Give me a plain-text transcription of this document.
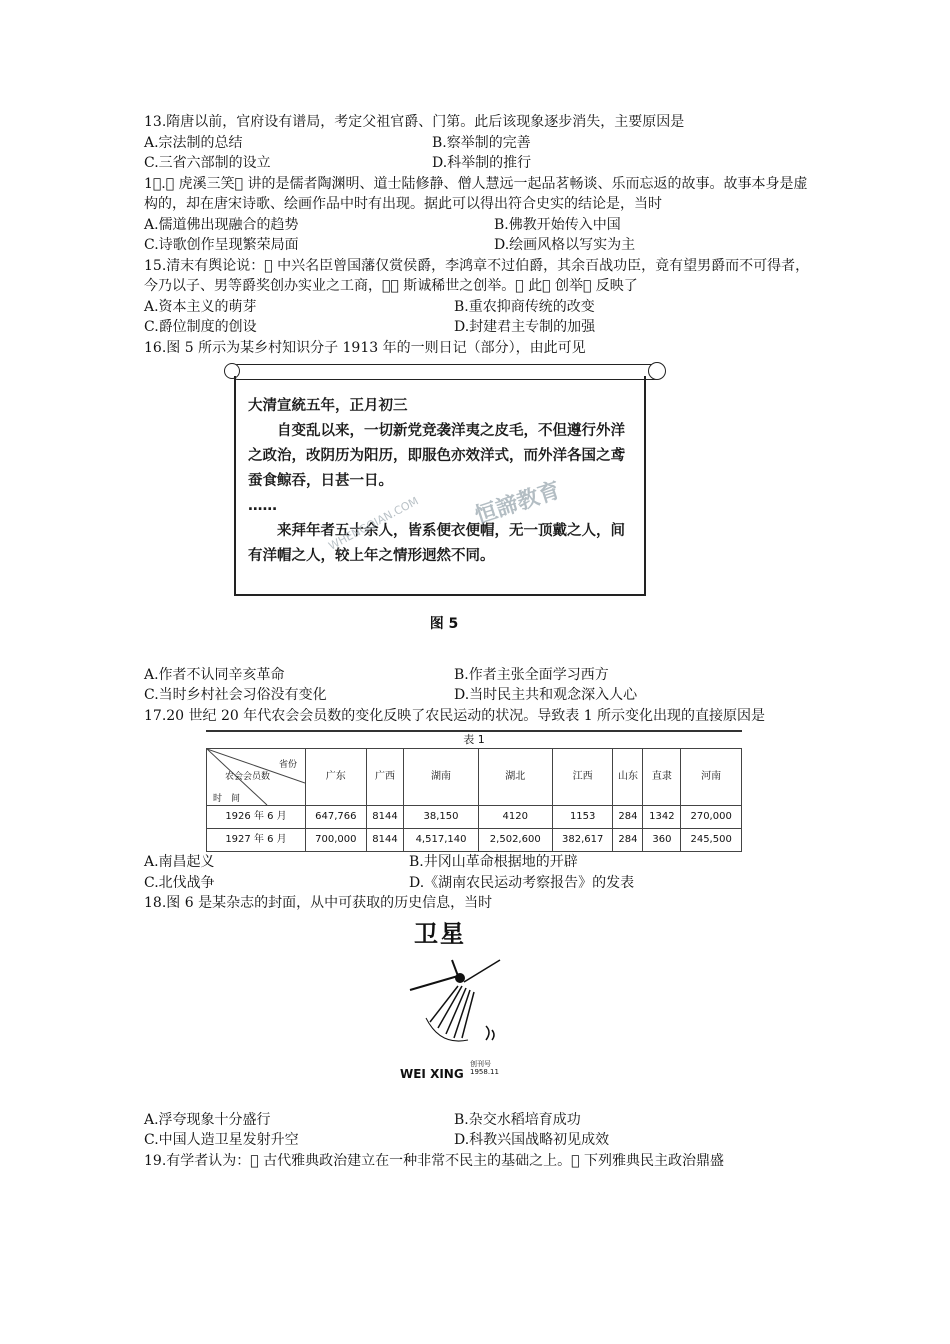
13.隋唐以前，官府设有谱局，考定父祖官爵、门第。此后该现象逐步消失，主要原因是

A.宗法制的总结	B.察举制的完善
C.三省六部制的设立	D.科举制的推行

1􏰀.􏰀 虎溪三笑􏰀 讲的是儒者陶渊明、道士陆修静、僧人慧远一起品茗畅谈、乐而忘返的故事。故事本身是虚构的，却在唐宋诗歌、绘画作品中时有出现。据此可以得出符合史实的结论是，当时

A.儒道佛出现融合的趋势	B.佛教开始传入中国
C.诗歌创作呈现繁荣局面	D.绘画风格以写实为主

15.清末有舆论说：􏰀 中兴名臣曾国藩仅赏侯爵，李鸿章不过伯爵，其余百战功臣，竟有望男爵而不可得者，今乃以子、男等爵奖创办实业之工商，􏰀􏰀 斯诚稀世之创举。􏰀 此􏰀 创举􏰀 反映了

A.资本主义的萌芽	B.重农抑商传统的改变
C.爵位制度的创设	D.封建君主专制的加强

16.图 5 所示为某乡村知识分子 1913 年的一则日记（部分），由此可见

大清宣統五年，正月初三

自变乱以来，一切新党竞袭洋夷之皮毛，不但遵行外洋之政治，改阴历为阳历，即服色亦效洋式，而外洋各国之鸢蚕食鲸吞，日甚一日。

……

来拜年者五十余人，皆系便衣便帽，无一顶戴之人，间有洋帽之人，较上年之情形迥然不同。

恒諦教育
WHENGQIAN.COM
图 5
A.作者不认同辛亥革命	B.作者主张全面学习西方
C.当时乡村社会习俗没有变化	D.当时民主共和观念深入人心

17.20 世纪 20 年代农会会员数的变化反映了农民运动的状况。导致表 1 所示变化出现的直接原因是

表 1
省份
农会会员数
时　间	广东	广西	湖南	湖北	江西	山东	直隶	河南
1926 年 6 月	647,766	8144	38,150	4120	1153	284	1342	270,000
1927 年 6 月	700,000	8144	4,517,140	2,502,600	382,617	284	360	245,500
A.南昌起义	B.井冈山革命根据地的开辟
C.北伐战争	D.《湖南农民运动考察报告》的发表

18.图 6 是某杂志的封面，从中可获取的历史信息，当时

卫星
WEI XING
创刊号
1958.11
A.浮夸现象十分盛行	B.杂交水稻培育成功
C.中国人造卫星发射升空	D.科教兴国战略初见成效

19.有学者认为：􏰀 古代雅典政治建立在一种非常不民主的基础之上。􏰀 下列雅典民主政治鼎盛
